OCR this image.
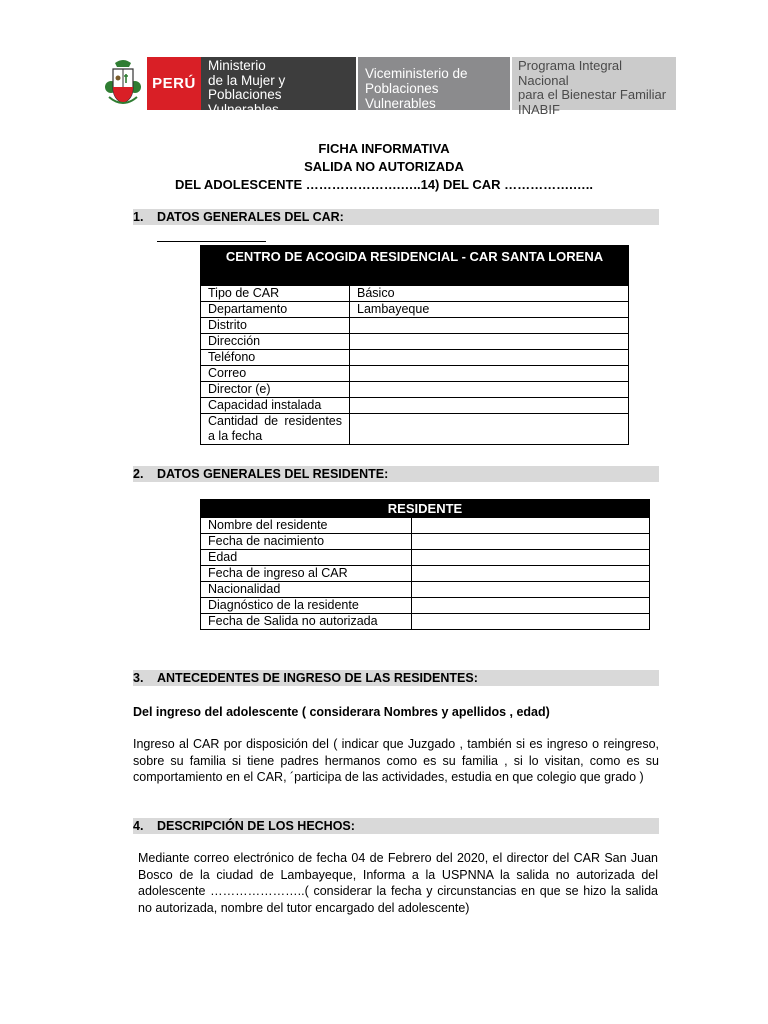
PERÚ
Ministerio
de la Mujer y
Poblaciones Vulnerables
Viceministerio de
Poblaciones Vulnerables
Programa Integral Nacional
para el Bienestar Familiar
INABIF
FICHA INFORMATIVA
SALIDA NO AUTORIZADA
DEL ADOLESCENTE ………………….…..14) DEL CAR …………….…..
1. DATOS GENERALES DEL CAR:
CENTRO DE ACOGIDA RESIDENCIAL - CAR SANTA LORENA	
Tipo de CAR	Básico
Departamento	Lambayeque
Distrito	
Dirección	
Teléfono	
Correo	
Director (e)	
Capacidad instalada	
Cantidad de residentes a la fecha	
2. DATOS GENERALES DEL RESIDENTE:
RESIDENTE	
Nombre del residente	
Fecha de nacimiento	
Edad	
Fecha de ingreso al CAR	
Nacionalidad	
Diagnóstico de la residente	
Fecha de Salida no autorizada	
3. ANTECEDENTES DE INGRESO DE LAS RESIDENTES:
Del ingreso del adolescente ( considerara Nombres y apellidos , edad)
Ingreso al CAR por disposición del ( indicar que Juzgado , también si es ingreso o reingreso, sobre su familia si tiene padres hermanos como es su familia , si lo visitan, como es su comportamiento en el CAR, ´participa de las actividades, estudia en que colegio que grado )
4. DESCRIPCIÓN DE LOS HECHOS:
Mediante correo electrónico de fecha 04 de Febrero del 2020, el director del CAR San Juan Bosco de la ciudad de Lambayeque, Informa a la USPNNA la salida no autorizada del adolescente …………………..( considerar la fecha y circunstancias en que se hizo la salida no autorizada, nombre del tutor encargado del adolescente)
